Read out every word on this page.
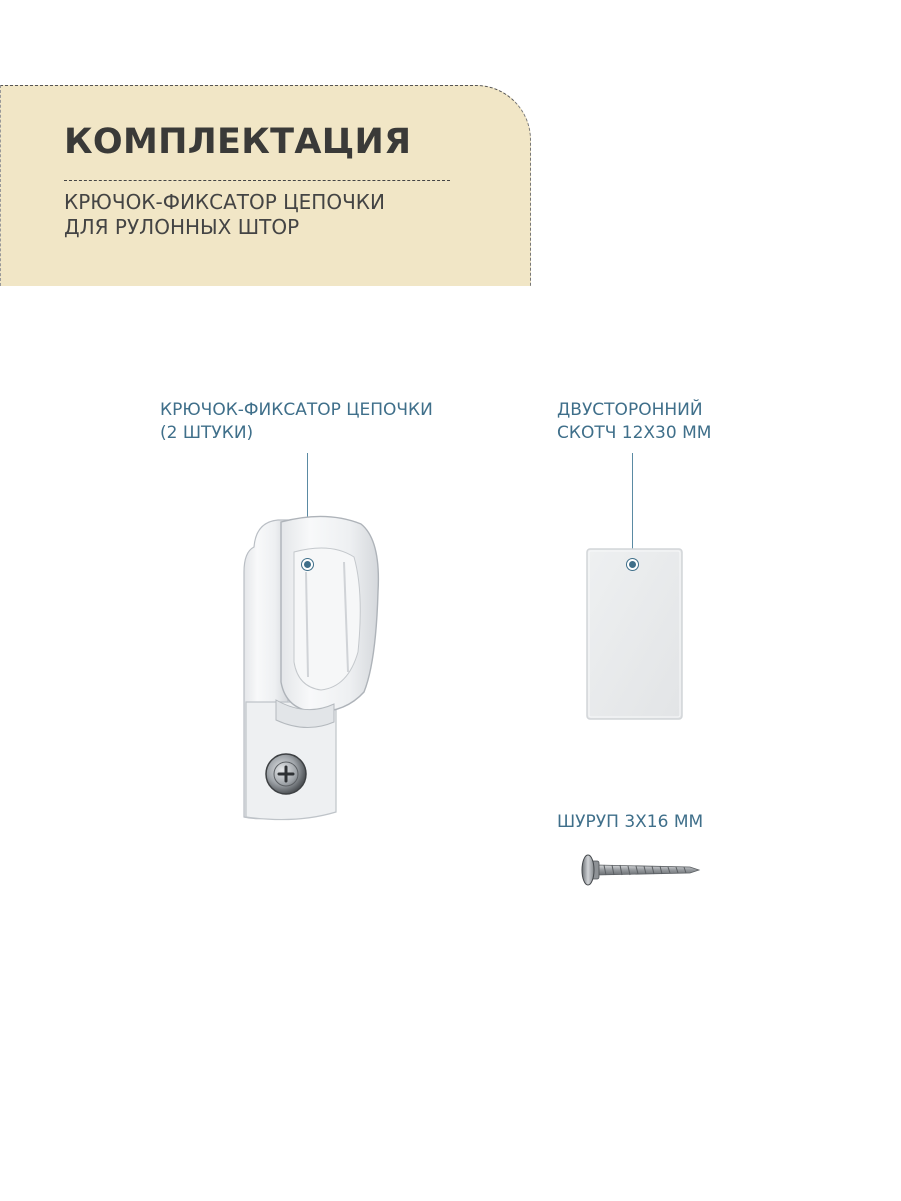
КОМПЛЕКТАЦИЯ
КРЮЧОК-ФИКСАТОР ЦЕПОЧКИ
ДЛЯ РУЛОННЫХ ШТОР

КРЮЧОК-ФИКСАТОР ЦЕПОЧКИ
(2 ШТУКИ)

ДВУСТОРОННИЙ
СКОТЧ 12Х30 ММ

ШУРУП 3Х16 ММ
